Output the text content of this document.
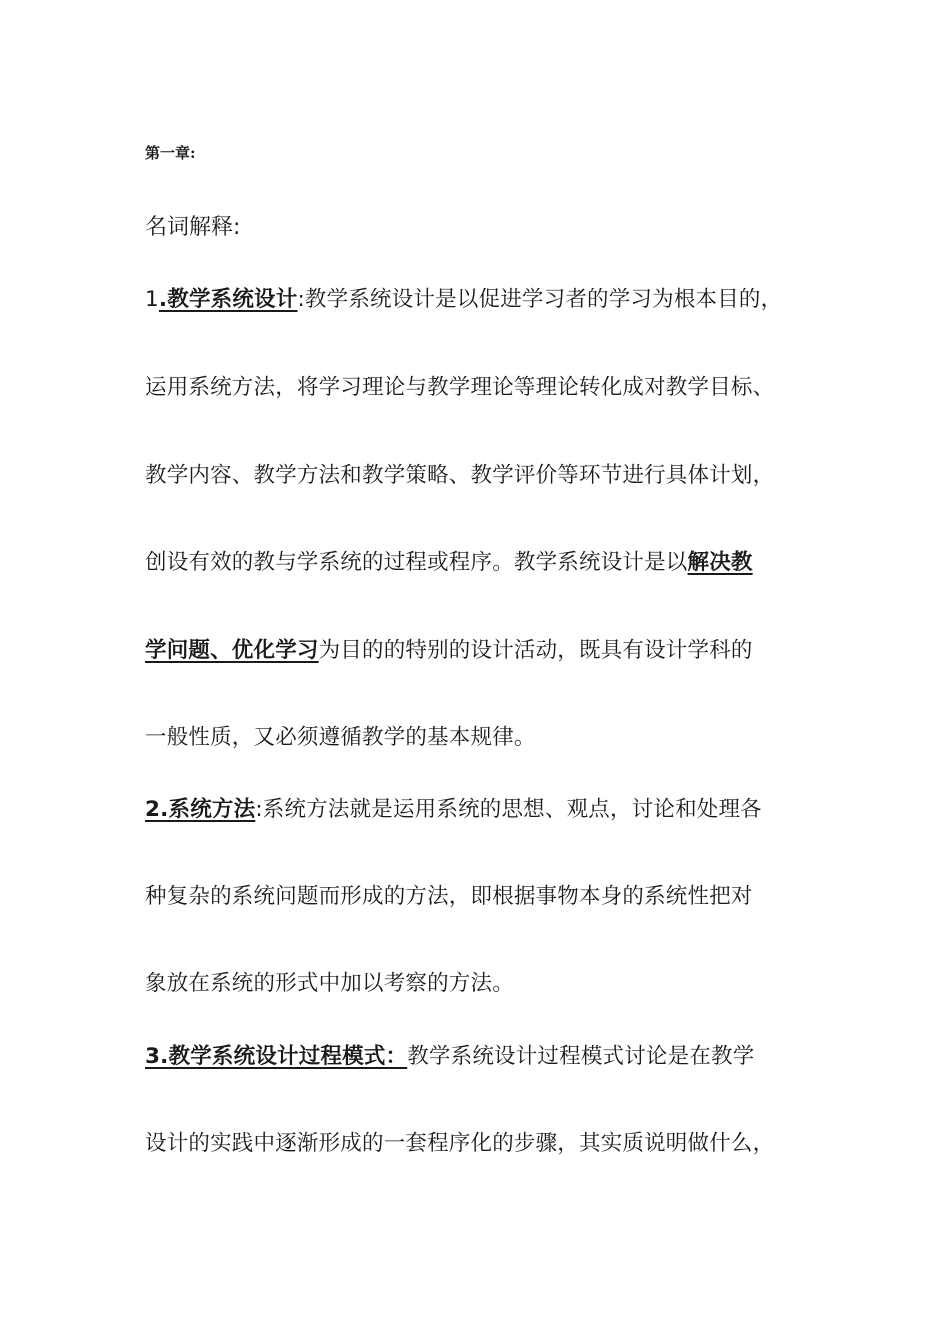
第一章:
名词解释:
1.教学系统设计:教学系统设计是以促进学习者的学习为根本目的，
运用系统方法，将学习理论与教学理论等理论转化成对教学目标、
教学内容、教学方法和教学策略、教学评价等环节进行具体计划，
创设有效的教与学系统的过程或程序。教学系统设计是以解决教
学问题、优化学习为目的的特别的设计活动，既具有设计学科的
一般性质，又必须遵循教学的基本规律。
2.系统方法:系统方法就是运用系统的思想、观点，讨论和处理各
种复杂的系统问题而形成的方法，即根据事物本身的系统性把对
象放在系统的形式中加以考察的方法。
3.教学系统设计过程模式：教学系统设计过程模式讨论是在教学
设计的实践中逐渐形成的一套程序化的步骤，其实质说明做什么，
